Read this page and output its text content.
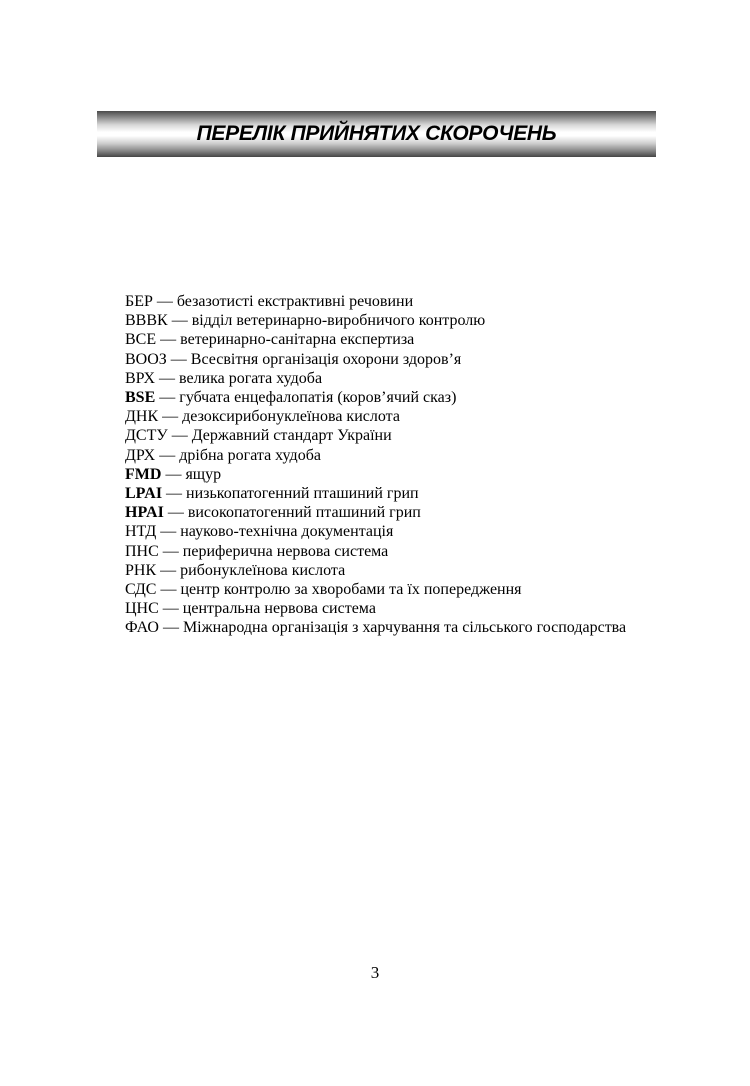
ПЕРЕЛІК ПРИЙНЯТИХ СКОРОЧЕНЬ
БЕР — безазотисті екстрактивні речовини
ВВВК — відділ ветеринарно-виробничого контролю
ВСЕ — ветеринарно-санітарна експертиза
ВООЗ — Всесвітня організація охорони здоров’я
ВРХ — велика рогата худоба
BSE — губчата енцефалопатія (коров’ячий сказ)
ДНК — дезоксирибонуклеїнова кислота
ДСТУ — Державний стандарт України
ДРХ — дрібна рогата худоба
FMD — ящур
LPAI — низькопатогенний пташиний грип
HPAI — високопатогенний пташиний грип
НТД — науково-технічна документація
ПНС — периферична нервова система
РНК — рибонуклеїнова кислота
СДС — центр контролю за хворобами та їх попередження
ЦНС — центральна нервова система
ФАО — Міжнародна організація з харчування та сільського господарства
3
